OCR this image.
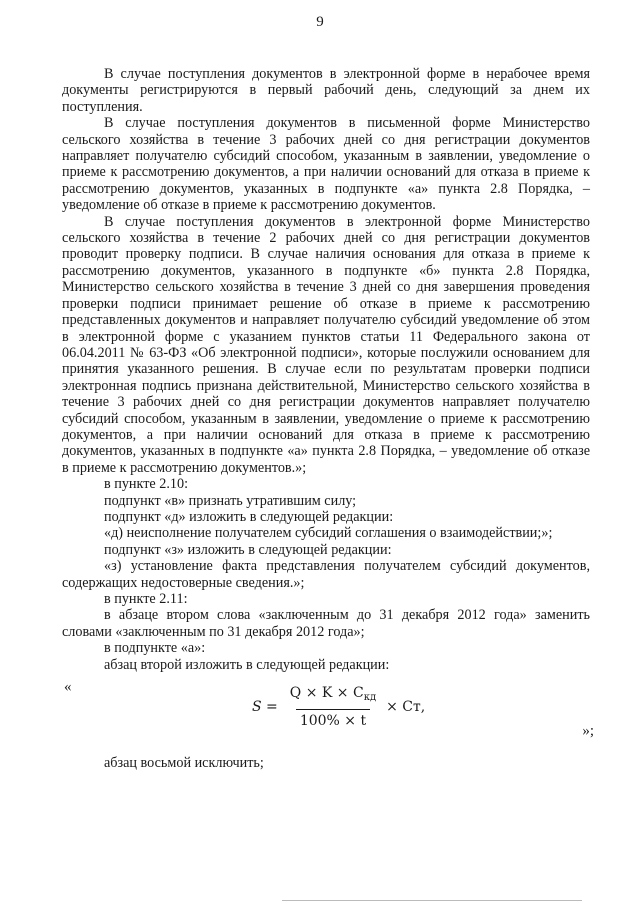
9

В случае поступления документов в электронной форме в нерабочее время документы регистрируются в первый рабочий день, следующий за днем их поступления.

В случае поступления документов в письменной форме Министерство сельского хозяйства в течение 3 рабочих дней со дня регистрации документов направляет получателю субсидий способом, указанным в заявлении, уведомление о приеме к рассмотрению документов, а при наличии оснований для отказа в приеме к рассмотрению документов, указанных в подпункте «а» пункта 2.8 Порядка, – уведомление об отказе в приеме к рассмотрению документов.

В случае поступления документов в электронной форме Министерство сельского хозяйства в течение 2 рабочих дней со дня регистрации документов проводит проверку подписи. В случае наличия основания для отказа в приеме к рассмотрению документов, указанного в подпункте «б» пункта 2.8 Порядка, Министерство сельского хозяйства в течение 3 дней со дня завершения проведения проверки подписи принимает решение об отказе в приеме к рассмотрению представленных документов и направляет получателю субсидий уведомление об этом в электронной форме с указанием пунктов статьи 11 Федерального закона от 06.04.2011 № 63-ФЗ «Об электронной подписи», которые послужили основанием для принятия указанного решения. В случае если по результатам проверки подписи электронная подпись признана действительной, Министерство сельского хозяйства в течение 3 рабочих дней со дня регистрации документов направляет получателю субсидий способом, указанным в заявлении, уведомление о приеме к рассмотрению документов, а при наличии оснований для отказа в приеме к рассмотрению документов, указанных в подпункте «а» пункта 2.8 Порядка, – уведомление об отказе в приеме к рассмотрению документов.»;

в пункте 2.10:

подпункт «в» признать утратившим силу;

подпункт «д» изложить в следующей редакции:

«д) неисполнение получателем субсидий соглашения о взаимодействии;»;

подпункт «з» изложить в следующей редакции:

«з) установление факта представления получателем субсидий документов, содержащих недостоверные сведения.»;

в пункте 2.11:

в абзаце втором слова «заключенным до 31 декабря 2012 года» заменить словами «заключенным по 31 декабря 2012 года»;

в подпункте «а»:

абзац второй изложить в следующей редакции:

«
$S = \frac{Q \times K \times C_{кд}}{100\% \times t}$ × Ст,
»;

абзац восьмой исключить;
